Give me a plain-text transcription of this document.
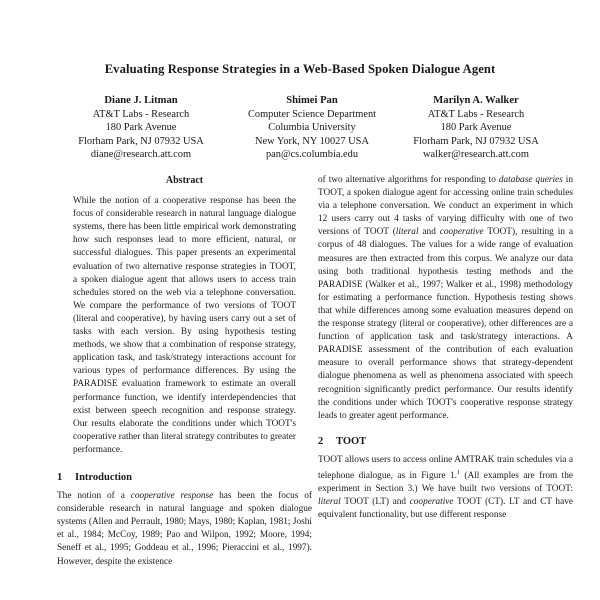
Evaluating Response Strategies in a Web-Based Spoken Dialogue Agent
Diane J. Litman
AT&T Labs - Research
180 Park Avenue
Florham Park, NJ 07932 USA
diane@research.att.com
Shimei Pan
Computer Science Department
Columbia University
New York, NY 10027 USA
pan@cs.columbia.edu
Marilyn A. Walker
AT&T Labs - Research
180 Park Avenue
Florham Park, NJ 07932 USA
walker@research.att.com
Abstract

While the notion of a cooperative response has been the focus of considerable research in natural language dialogue systems, there has been little empirical work demonstrating how such responses lead to more efficient, natural, or successful dialogues. This paper presents an experimental evaluation of two alternative response strategies in TOOT, a spoken dialogue agent that allows users to access train schedules stored on the web via a telephone conversation. We compare the performance of two versions of TOOT (literal and cooperative), by having users carry out a set of tasks with each version. By using hypothesis testing methods, we show that a combination of response strategy, application task, and task/strategy interactions account for various types of performance differences. By using the PARADISE evaluation framework to estimate an overall performance function, we identify interdependencies that exist between speech recognition and response strategy. Our results elaborate the conditions under which TOOT's cooperative rather than literal strategy contributes to greater performance.

1 Introduction

The notion of a cooperative response has been the focus of considerable research in natural language and spoken dialogue systems (Allen and Perrault, 1980; Mays, 1980; Kaplan, 1981; Joshi et al., 1984; McCoy, 1989; Pao and Wilpon, 1992; Moore, 1994; Seneff et al., 1995; Goddeau et al., 1996; Pieraccini et al., 1997). However, despite the existence

of two alternative algorithms for responding to database queries in TOOT, a spoken dialogue agent for accessing online train schedules via a telephone conversation. We conduct an experiment in which 12 users carry out 4 tasks of varying difficulty with one of two versions of TOOT (literal and cooperative TOOT), resulting in a corpus of 48 dialogues. The values for a wide range of evaluation measures are then extracted from this corpus. We analyze our data using both traditional hypothesis testing methods and the PARADISE (Walker et al., 1997; Walker et al., 1998) methodology for estimating a performance function. Hypothesis testing shows that while differences among some evaluation measures depend on the response strategy (literal or cooperative), other differences are a function of application task and task/strategy interactions. A PARADISE assessment of the contribution of each evaluation measure to overall performance shows that strategy-dependent dialogue phenomena as well as phenomena associated with speech recognition significantly predict performance. Our results identify the conditions under which TOOT's cooperative response strategy leads to greater agent performance.

2 TOOT

TOOT allows users to access online AMTRAK train schedules via a telephone dialogue, as in Figure 1.$^1$ (All examples are from the experiment in Section 3.) We have built two versions of TOOT: literal TOOT (LT) and cooperative TOOT (CT). LT and CT have equivalent functionality, but use different response
